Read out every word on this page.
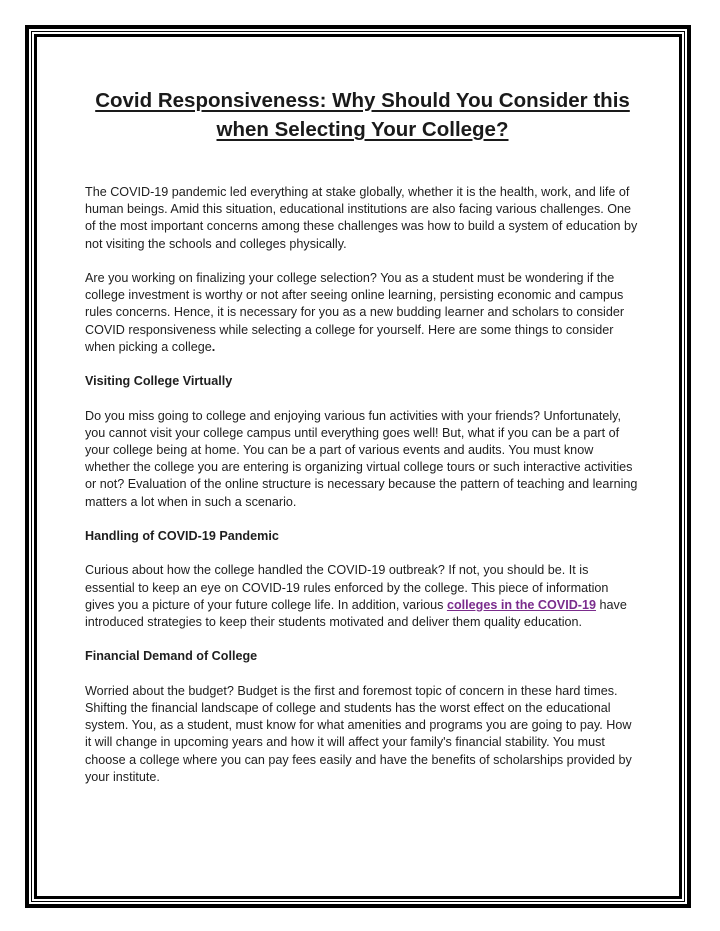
Covid Responsiveness: Why Should You Consider this when Selecting Your College?

The COVID-19 pandemic led everything at stake globally, whether it is the health, work, and life of human beings. Amid this situation, educational institutions are also facing various challenges. One of the most important concerns among these challenges was how to build a system of education by not visiting the schools and colleges physically.

Are you working on finalizing your college selection? You as a student must be wondering if the college investment is worthy or not after seeing online learning, persisting economic and campus rules concerns. Hence, it is necessary for you as a new budding learner and scholars to consider COVID responsiveness while selecting a college for yourself. Here are some things to consider when picking a college.

Visiting College Virtually

Do you miss going to college and enjoying various fun activities with your friends? Unfortunately, you cannot visit your college campus until everything goes well! But, what if you can be a part of your college being at home. You can be a part of various events and audits. You must know whether the college you are entering is organizing virtual college tours or such interactive activities or not? Evaluation of the online structure is necessary because the pattern of teaching and learning matters a lot when in such a scenario.

Handling of COVID-19 Pandemic

Curious about how the college handled the COVID-19 outbreak? If not, you should be. It is essential to keep an eye on COVID-19 rules enforced by the college. This piece of information gives you a picture of your future college life. In addition, various colleges in the COVID-19 have introduced strategies to keep their students motivated and deliver them quality education.

Financial Demand of College

Worried about the budget? Budget is the first and foremost topic of concern in these hard times. Shifting the financial landscape of college and students has the worst effect on the educational system. You, as a student, must know for what amenities and programs you are going to pay. How it will change in upcoming years and how it will affect your family's financial stability. You must choose a college where you can pay fees easily and have the benefits of scholarships provided by your institute.
